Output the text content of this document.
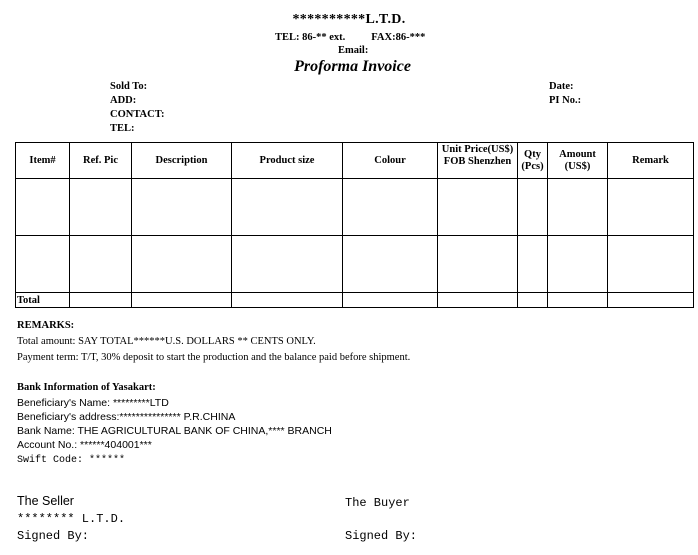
**********L.T.D.
TEL: 86-** ext. FAX:86-***
Email:
Proforma Invoice
Sold To:
ADD:
CONTACT:
TEL:
Date:
PI No.:
Item#	Ref. Pic	Description	Product size	Colour	Unit Price(US$) FOB Shenzhen	Qty (Pcs)	Amount (US$)	Remark

Total								
REMARKS:
Total amount: SAY TOTAL******U.S. DOLLARS ** CENTS ONLY.
Payment term: T/T, 30% deposit to start the production and the balance paid before shipment.
Bank Information of Yasakart:
Beneficiary's Name: *********LTD
Beneficiary's address:*************** P.R.CHINA
Bank Name: THE AGRICULTURAL BANK OF CHINA,**** BRANCH
Account No.: ******404001***
Swift Code: ******
The Seller
******** L.T.D.
Signed By:
The Buyer
Signed By:
